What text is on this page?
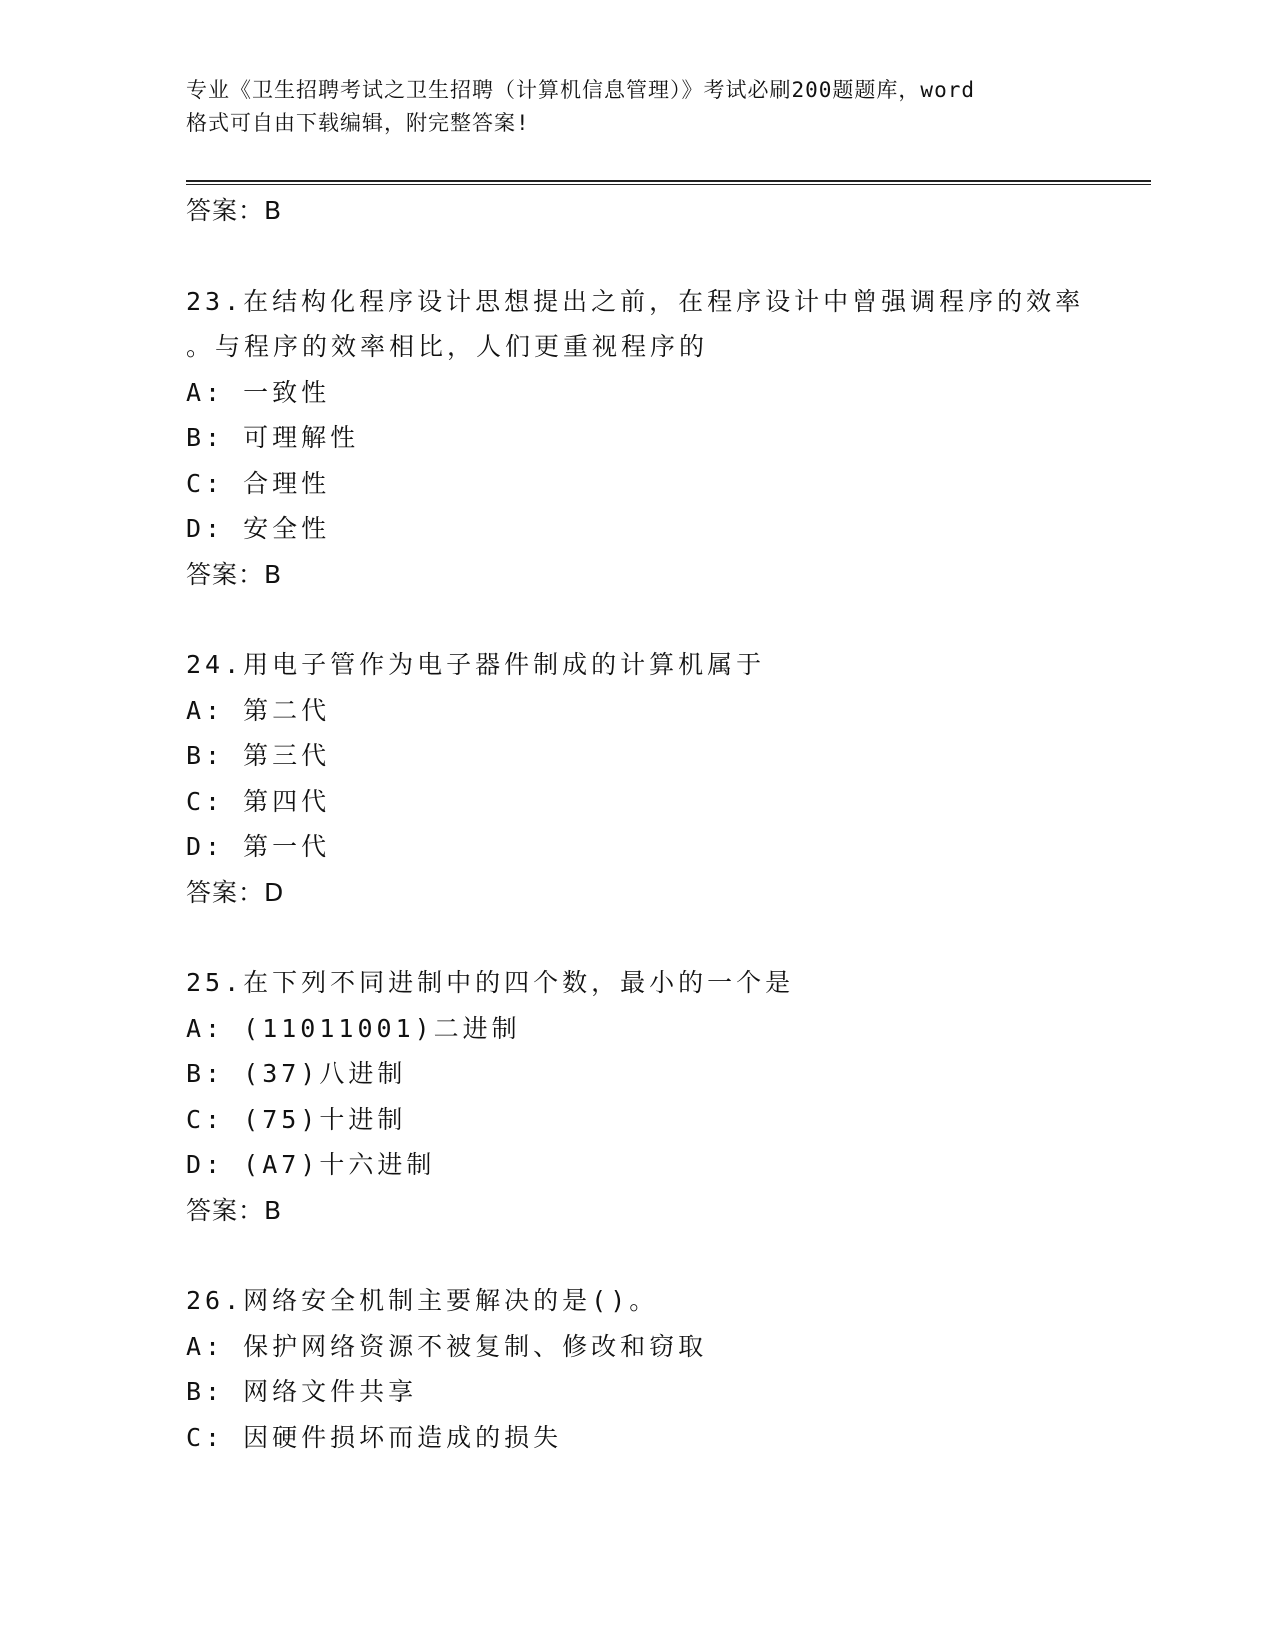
专业《卫生招聘考试之卫生招聘（计算机信息管理）》考试必刷200题题库，word
格式可自由下载编辑，附完整答案!
答案：B
23.在结构化程序设计思想提出之前，在程序设计中曾强调程序的效率
。与程序的效率相比，人们更重视程序的
A: 一致性
B: 可理解性
C: 合理性
D: 安全性
答案：B
24.用电子管作为电子器件制成的计算机属于
A: 第二代
B: 第三代
C: 第四代
D: 第一代
答案：D
25.在下列不同进制中的四个数，最小的一个是
A: (11011001)二进制
B: (37)八进制
C: (75)十进制
D: (A7)十六进制
答案：B
26.网络安全机制主要解决的是()。
A: 保护网络资源不被复制、修改和窃取
B: 网络文件共享
C: 因硬件损坏而造成的损失
